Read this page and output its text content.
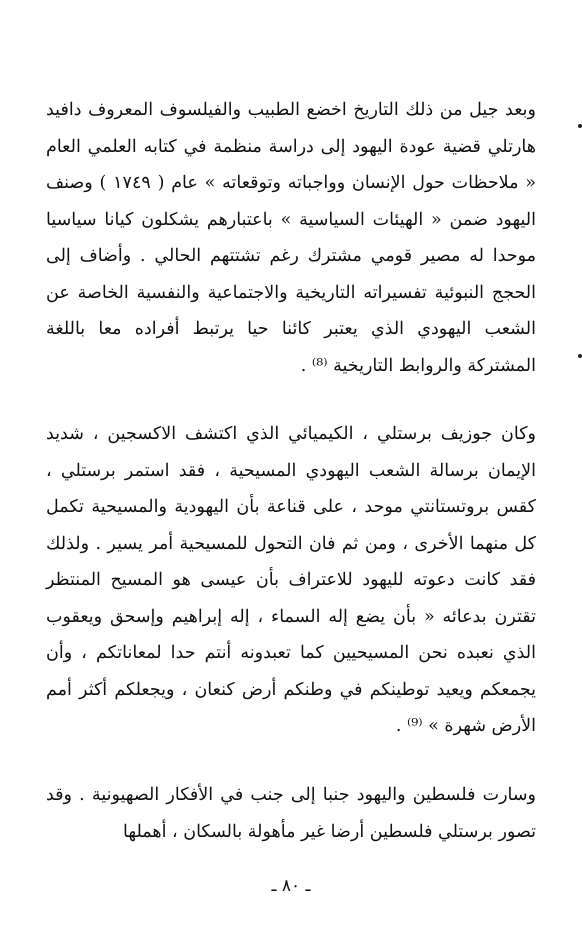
وبعد جيل من ذلك التاريخ اخضع الطبيب والفيلسوف المعروف دافيد هارتلي قضية عودة اليهود إلى دراسة منظمة في كتابه العلمي العام « ملاحظات حول الإنسان وواجباته وتوقعاته » عام ( ١٧٤٩ ) وصنف اليهود ضمن « الهيئات السياسية » باعتبارهم يشكلون كيانا سياسيا موحدا له مصير قومي مشترك رغم تشتتهم الحالي . وأضاف إلى الحجج النبوئية تفسيراته التاريخية والاجتماعية والنفسية الخاصة عن الشعب اليهودي الذي يعتبر كائنا حيا يرتبط أفراده معا باللغة المشتركة والروابط التاريخية ⁽⁸⁾ .

وكان جوزيف برستلي ، الكيميائي الذي اكتشف الاكسجين ، شديد الإيمان برسالة الشعب اليهودي المسيحية ، فقد استمر برستلي ، كقس بروتستانتي موحد ، على قناعة بأن اليهودية والمسيحية تكمل كل منهما الأخرى ، ومن ثم فان التحول للمسيحية أمر يسير . ولذلك فقد كانت دعوته لليهود للاعتراف بأن عيسى هو المسيح المنتظر تقترن بدعائه « بأن يضع إله السماء ، إله إبراهيم وإسحق ويعقوب الذي نعبده نحن المسيحيين كما تعبدونه أنتم حدا لمعاناتكم ، وأن يجمعكم ويعيد توطينكم في وطنكم أرض كنعان ، ويجعلكم أكثر أمم الأرض شهرة » ⁽⁹⁾ .

وسارت فلسطين واليهود جنبا إلى جنب في الأفكار الصهيونية . وقد تصور برستلي فلسطين أرضا غير مأهولة بالسكان ، أهملها

ـ ٨٠ ـ
